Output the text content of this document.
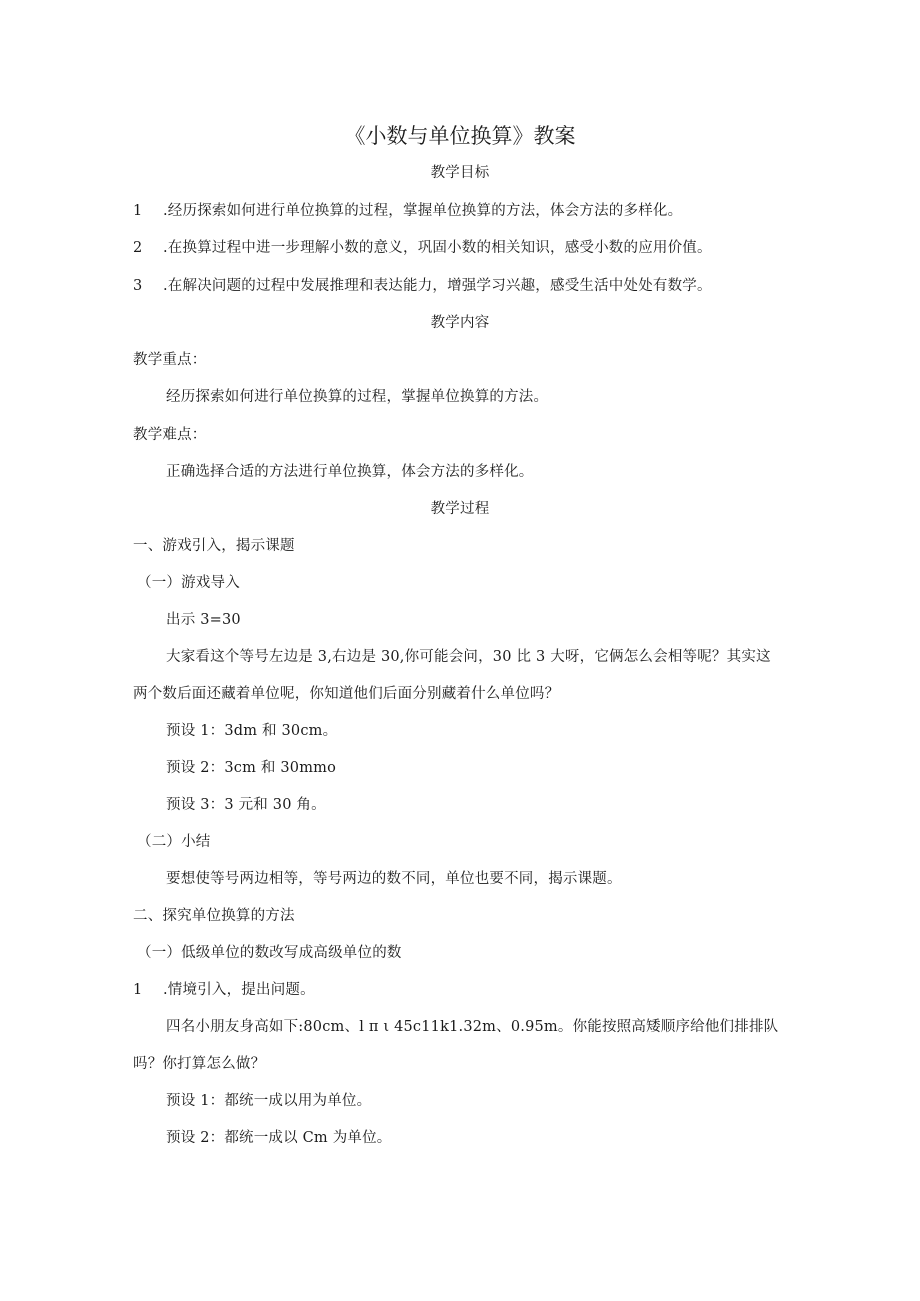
《小数与单位换算》教案
教学目标
1 .经历探索如何进行单位换算的过程，掌握单位换算的方法，体会方法的多样化。
2 .在换算过程中进一步理解小数的意义，巩固小数的相关知识，感受小数的应用价值。
3 .在解决问题的过程中发展推理和表达能力，增强学习兴趣，感受生活中处处有数学。
教学内容
教学重点：
经历探索如何进行单位换算的过程，掌握单位换算的方法。
教学难点：
正确选择合适的方法进行单位换算，体会方法的多样化。
教学过程
一、游戏引入，揭示课题
（一）游戏导入
出示 3=30
大家看这个等号左边是 3,右边是 30,你可能会问，30 比 3 大呀，它俩怎么会相等呢？其实这
两个数后面还藏着单位呢，你知道他们后面分别藏着什么单位吗？
预设 1：3dm 和 30cm。
预设 2：3cm 和 30mmo
预设 3：3 元和 30 角。
（二）小结
要想使等号两边相等，等号两边的数不同，单位也要不同，揭示课题。
二、探究单位换算的方法
（一）低级单位的数改写成高级单位的数
1 .情境引入，提出问题。
四名小朋友身高如下:80cm、l π ι 45c11k1.32m、0.95m。你能按照高矮顺序给他们排排队
吗？你打算怎么做？
预设 1：都统一成以用为单位。
预设 2：都统一成以 Cm 为单位。
